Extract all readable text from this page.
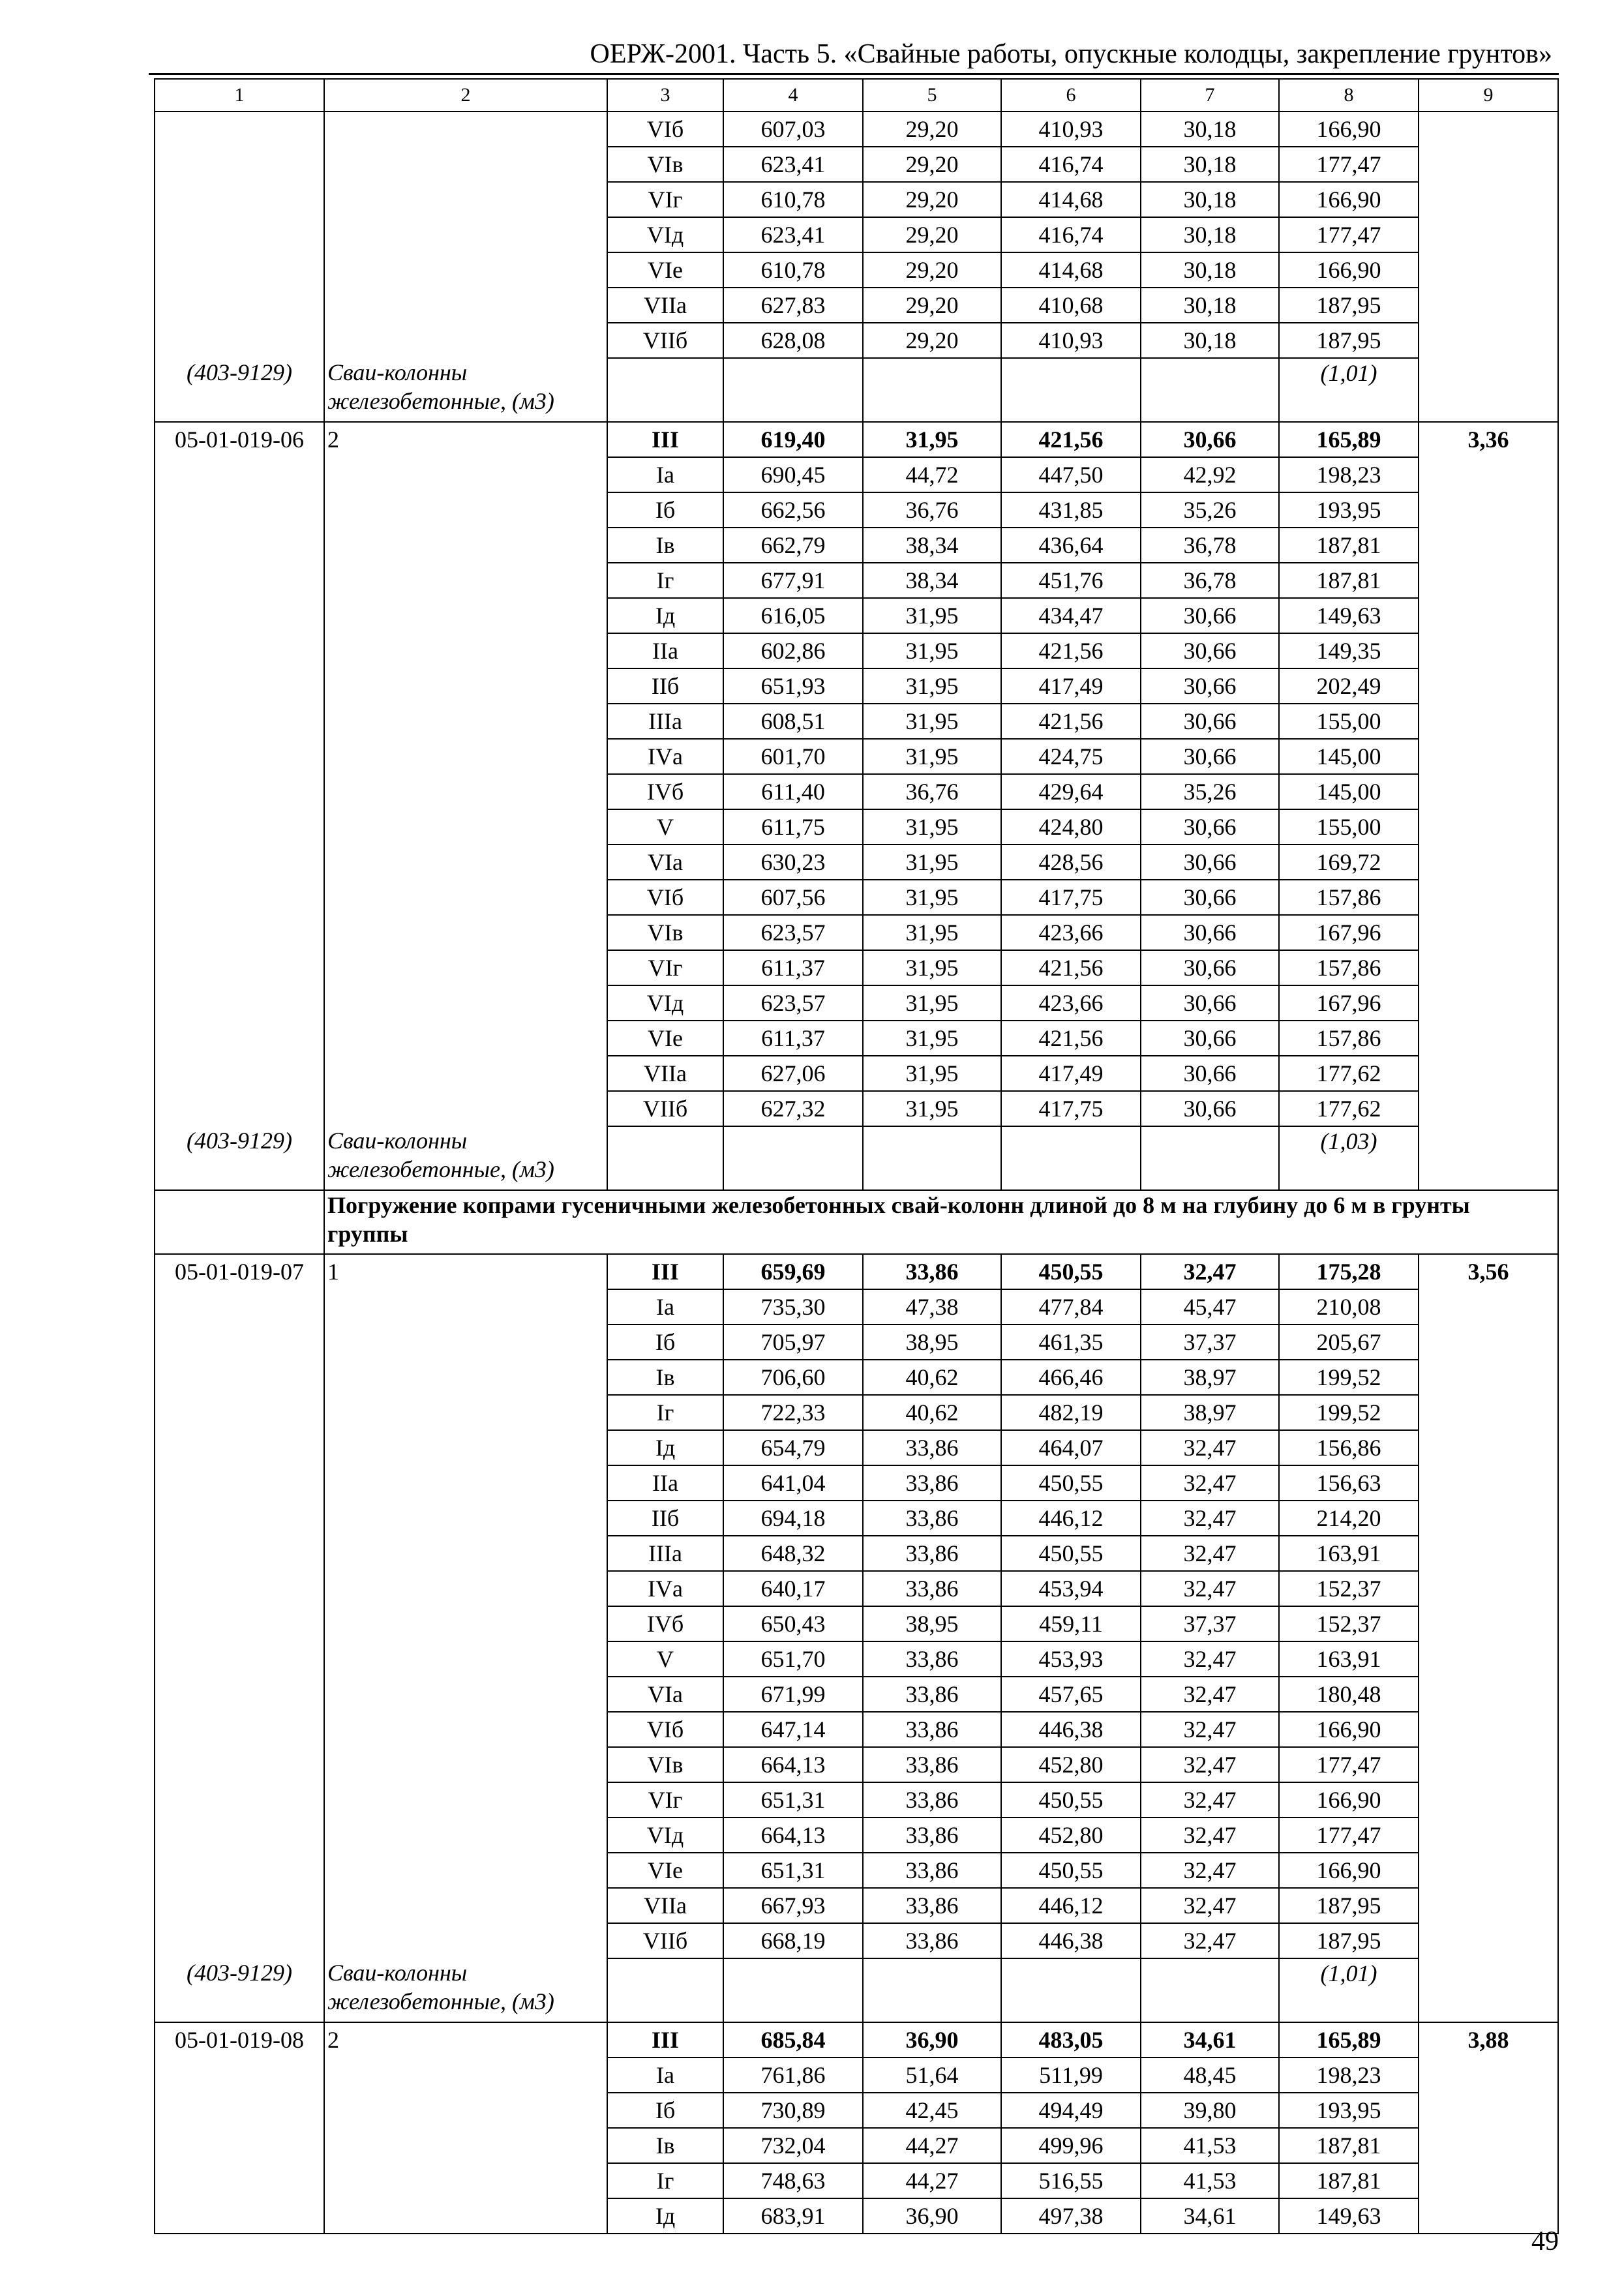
ОЕРЖ-2001. Часть 5. «Свайные работы, опускные колодцы, закрепление грунтов»
1	2	3	4	5	6	7	8	9
		VIб	607,03	29,20	410,93	30,18	166,90	
		VIв	623,41	29,20	416,74	30,18	177,47	
		VIг	610,78	29,20	414,68	30,18	166,90	
		VIд	623,41	29,20	416,74	30,18	177,47	
		VIе	610,78	29,20	414,68	30,18	166,90	
		VIIа	627,83	29,20	410,68	30,18	187,95	
		VIIб	628,08	29,20	410,93	30,18	187,95	
(403-9129)	Сваи-колонны железобетонные, (м3)						(1,01)	
05-01-019-06	2	III	619,40	31,95	421,56	30,66	165,89	3,36
		Iа	690,45	44,72	447,50	42,92	198,23	
		Iб	662,56	36,76	431,85	35,26	193,95	
		Iв	662,79	38,34	436,64	36,78	187,81	
		Iг	677,91	38,34	451,76	36,78	187,81	
		Iд	616,05	31,95	434,47	30,66	149,63	
		IIа	602,86	31,95	421,56	30,66	149,35	
		IIб	651,93	31,95	417,49	30,66	202,49	
		IIIа	608,51	31,95	421,56	30,66	155,00	
		IVа	601,70	31,95	424,75	30,66	145,00	
		IVб	611,40	36,76	429,64	35,26	145,00	
		V	611,75	31,95	424,80	30,66	155,00	
		VIа	630,23	31,95	428,56	30,66	169,72	
		VIб	607,56	31,95	417,75	30,66	157,86	
		VIв	623,57	31,95	423,66	30,66	167,96	
		VIг	611,37	31,95	421,56	30,66	157,86	
		VIд	623,57	31,95	423,66	30,66	167,96	
		VIе	611,37	31,95	421,56	30,66	157,86	
		VIIа	627,06	31,95	417,49	30,66	177,62	
		VIIб	627,32	31,95	417,75	30,66	177,62	
(403-9129)	Сваи-колонны железобетонные, (м3)						(1,03)	
	Погружение копрами гусеничными железобетонных свай-колонн длиной до 8 м на глубину до 6 м в грунты группы							
05-01-019-07	1	III	659,69	33,86	450,55	32,47	175,28	3,56
		Iа	735,30	47,38	477,84	45,47	210,08	
		Iб	705,97	38,95	461,35	37,37	205,67	
		Iв	706,60	40,62	466,46	38,97	199,52	
		Iг	722,33	40,62	482,19	38,97	199,52	
		Iд	654,79	33,86	464,07	32,47	156,86	
		IIа	641,04	33,86	450,55	32,47	156,63	
		IIб	694,18	33,86	446,12	32,47	214,20	
		IIIа	648,32	33,86	450,55	32,47	163,91	
		IVа	640,17	33,86	453,94	32,47	152,37	
		IVб	650,43	38,95	459,11	37,37	152,37	
		V	651,70	33,86	453,93	32,47	163,91	
		VIа	671,99	33,86	457,65	32,47	180,48	
		VIб	647,14	33,86	446,38	32,47	166,90	
		VIв	664,13	33,86	452,80	32,47	177,47	
		VIг	651,31	33,86	450,55	32,47	166,90	
		VIд	664,13	33,86	452,80	32,47	177,47	
		VIе	651,31	33,86	450,55	32,47	166,90	
		VIIа	667,93	33,86	446,12	32,47	187,95	
		VIIб	668,19	33,86	446,38	32,47	187,95	
(403-9129)	Сваи-колонны железобетонные, (м3)						(1,01)	
05-01-019-08	2	III	685,84	36,90	483,05	34,61	165,89	3,88
		Iа	761,86	51,64	511,99	48,45	198,23	
		Iб	730,89	42,45	494,49	39,80	193,95	
		Iв	732,04	44,27	499,96	41,53	187,81	
		Iг	748,63	44,27	516,55	41,53	187,81	
		Iд	683,91	36,90	497,38	34,61	149,63	
49
